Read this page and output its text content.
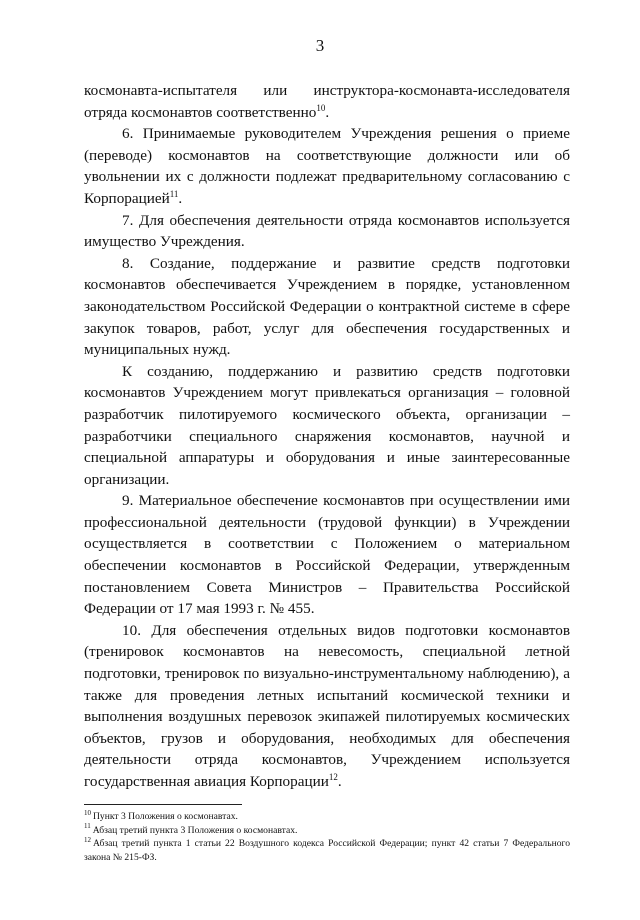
3

космонавта-испытателя или инструктора-космонавта-исследователя отряда космонавтов соответственно$^{10}$.

6. Принимаемые руководителем Учреждения решения о приеме (переводе) космонавтов на соответствующие должности или об увольнении их с должности подлежат предварительному согласованию с Корпорацией$^{11}$.

7. Для обеспечения деятельности отряда космонавтов используется имущество Учреждения.

8. Создание, поддержание и развитие средств подготовки космонавтов обеспечивается Учреждением в порядке, установленном законодательством Российской Федерации о контрактной системе в сфере закупок товаров, работ, услуг для обеспечения государственных и муниципальных нужд.

К созданию, поддержанию и развитию средств подготовки космонавтов Учреждением могут привлекаться организация – головной разработчик пилотируемого космического объекта, организации – разработчики специального снаряжения космонавтов, научной и специальной аппаратуры и оборудования и иные заинтересованные организации.

9. Материальное обеспечение космонавтов при осуществлении ими профессиональной деятельности (трудовой функции) в Учреждении осуществляется в соответствии с Положением о материальном обеспечении космонавтов в Российской Федерации, утвержденным постановлением Совета Министров – Правительства Российской Федерации от 17 мая 1993 г. № 455.

10. Для обеспечения отдельных видов подготовки космонавтов (тренировок космонавтов на невесомость, специальной летной подготовки, тренировок по визуально-инструментальному наблюдению), а также для проведения летных испытаний космической техники и выполнения воздушных перевозок экипажей пилотируемых космических объектов, грузов и оборудования, необходимых для обеспечения деятельности отряда космонавтов, Учреждением используется государственная авиация Корпорации$^{12}$.

$^{10}$ Пункт 3 Положения о космонавтах.

$^{11}$ Абзац третий пункта 3 Положения о космонавтах.

$^{12}$ Абзац третий пункта 1 статьи 22 Воздушного кодекса Российской Федерации; пункт 42 статьи 7 Федерального закона № 215-ФЗ.
